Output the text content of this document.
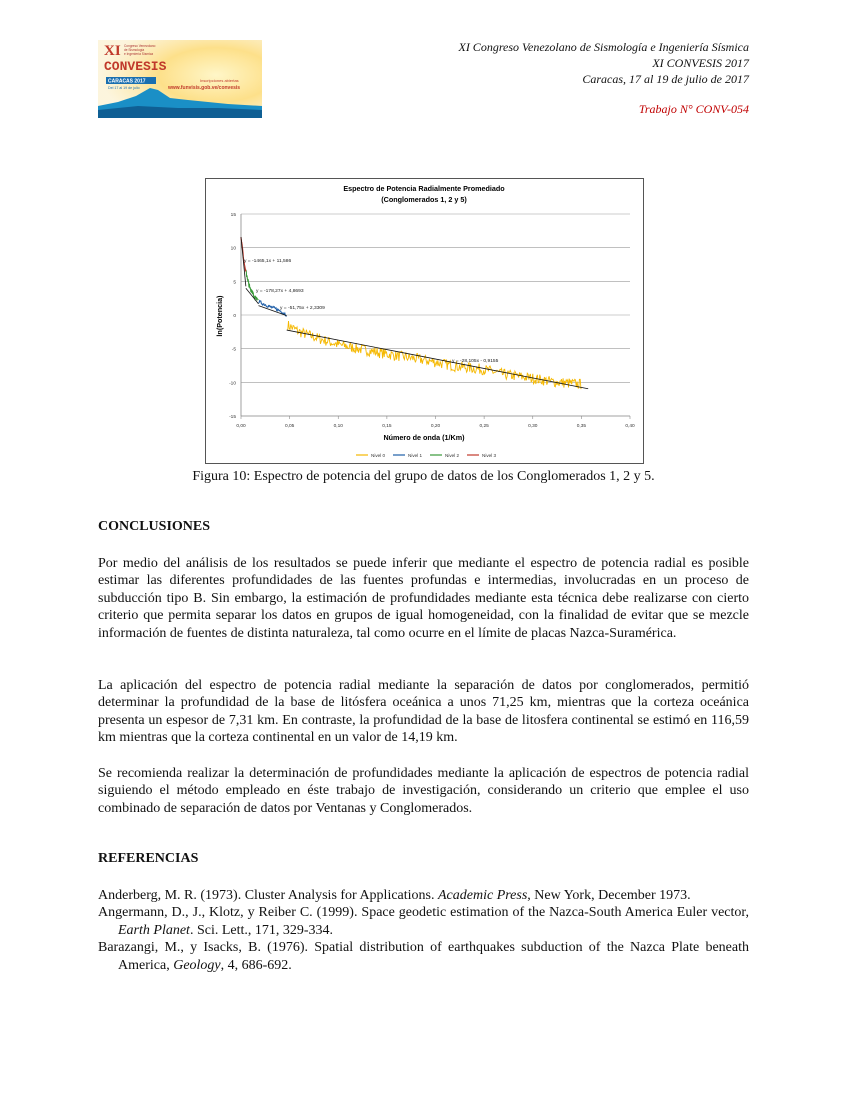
XI
CONVESIS
Congreso Venezolano
de Sismología
e Ingeniería Sísmica
CARACAS 2017
Del 17 al 19 de julio
Inscripciones abiertas
www.funvisis.gob.ve/convesis
XI Congreso Venezolano de Sismología e Ingeniería Sísmica
XI CONVESIS 2017
Caracas, 17 al 19 de julio de 2017
Trabajo N° CONV-054
Espectro de Potencia Radialmente Promediado
(Conglomerados 1, 2 y 5)
y = -28,105x - 0,9155
y = -51,75x + 2,3309
y = -178,27x + 4,8693
y = -1465,1x + 11,586
15
10
5
0
-5
-10
-15
0,00	0,05	0,10	0,15	0,20	0,25	0,30	0,35	0,40
Número de onda (1/Km)
ln(Potencia)
Nivel 0	Nivel 1	Nivel 2	Nivel 3
Figura 10: Espectro de potencia del grupo de datos de los Conglomerados 1, 2 y 5.
CONCLUSIONES

Por medio del análisis de los resultados se puede inferir que mediante el espectro de potencia radial es posible estimar las diferentes profundidades de las fuentes profundas e intermedias, involucradas en un proceso de subducción tipo B. Sin embargo, la estimación de profundidades mediante esta técnica debe realizarse con cierto criterio que permita separar los datos en grupos de igual homogeneidad, con la finalidad de evitar que se mezcle información de fuentes de distinta naturaleza, tal como ocurre en el límite de placas Nazca-Suramérica.

La aplicación del espectro de potencia radial mediante la separación de datos por conglomerados, permitió determinar la profundidad de la base de litósfera oceánica a unos 71,25 km, mientras que la corteza oceánica presenta un espesor de 7,31 km. En contraste, la profundidad de la base de litosfera continental se estimó en 116,59 km mientras que la corteza continental en un valor de 14,19 km.

Se recomienda realizar la determinación de profundidades mediante la aplicación de espectros de potencia radial siguiendo el método empleado en éste trabajo de investigación, considerando un criterio que emplee el uso combinado de separación de datos por Ventanas y Conglomerados.

REFERENCIAS

Anderberg, M. R. (1973). Cluster Analysis for Applications. Academic Press, New York, December 1973.

Angermann, D., J., Klotz, y Reiber C. (1999). Space geodetic estimation of the Nazca-South America Euler vector, Earth Planet. Sci. Lett., 171, 329-334.

Barazangi, M., y Isacks, B. (1976). Spatial distribution of earthquakes subduction of the Nazca Plate beneath America, Geology, 4, 686-692.
